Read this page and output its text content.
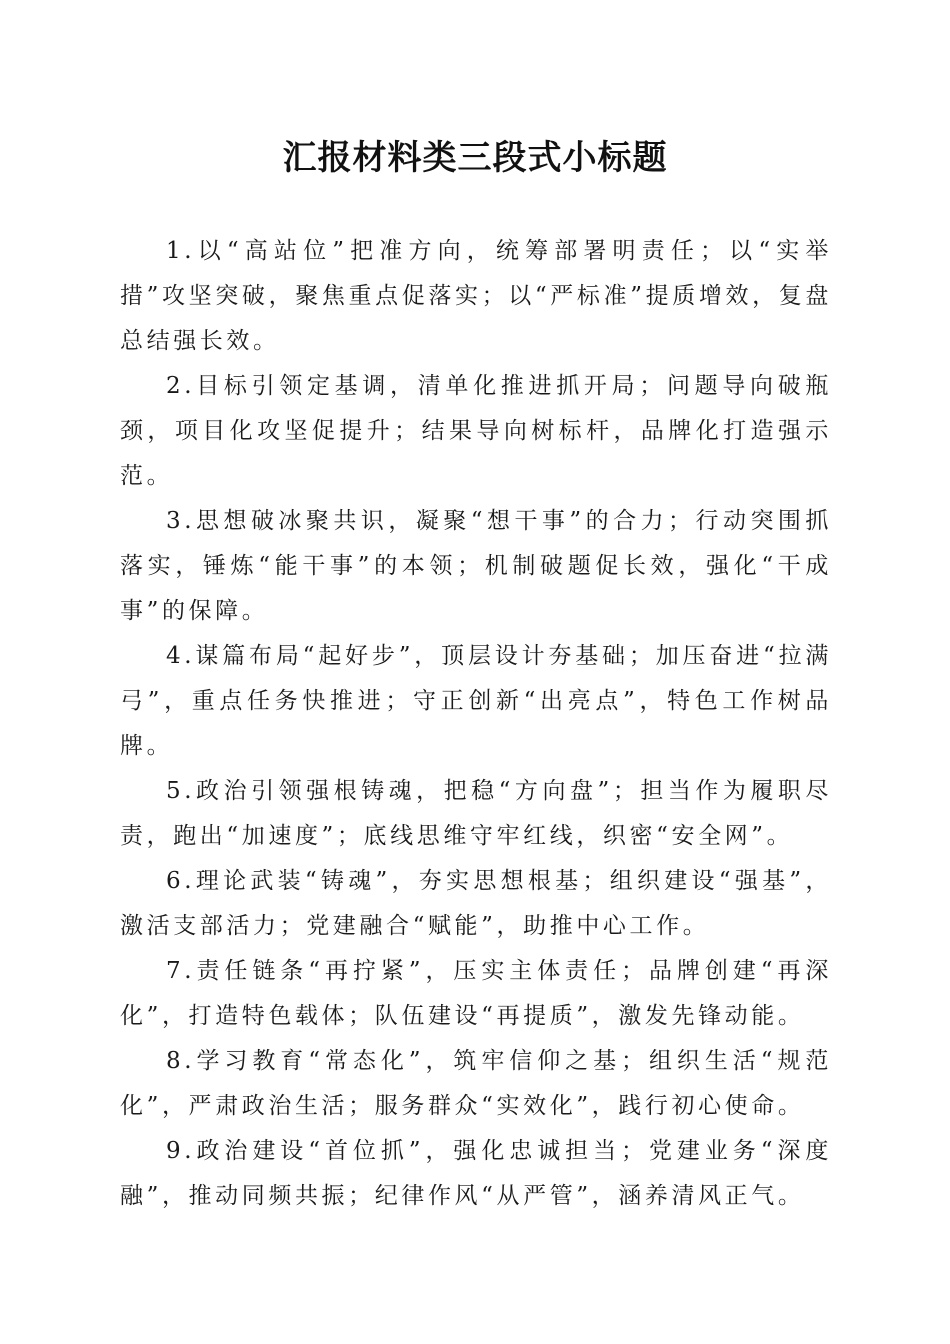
汇报材料类三段式小标题

1.以“高站位”把准方向，统筹部署明责任；以“实举措”攻坚突破，聚焦重点促落实；以“严标准”提质增效，复盘总结强长效。

2.目标引领定基调，清单化推进抓开局；问题导向破瓶颈，项目化攻坚促提升；结果导向树标杆，品牌化打造强示范。

3.思想破冰聚共识，凝聚“想干事”的合力；行动突围抓落实，锤炼“能干事”的本领；机制破题促长效，强化“干成事”的保障。

4.谋篇布局“起好步”，顶层设计夯基础；加压奋进“拉满弓”，重点任务快推进；守正创新“出亮点”，特色工作树品牌。

5.政治引领强根铸魂，把稳“方向盘”；担当作为履职尽责，跑出“加速度”；底线思维守牢红线，织密“安全网”。

6.理论武装“铸魂”，夯实思想根基；组织建设“强基”，激活支部活力；党建融合“赋能”，助推中心工作。

7.责任链条“再拧紧”，压实主体责任；品牌创建“再深化”，打造特色载体；队伍建设“再提质”，激发先锋动能。

8.学习教育“常态化”，筑牢信仰之基；组织生活“规范化”，严肃政治生活；服务群众“实效化”，践行初心使命。

9.政治建设“首位抓”，强化忠诚担当；党建业务“深度融”，推动同频共振；纪律作风“从严管”，涵养清风正气。
